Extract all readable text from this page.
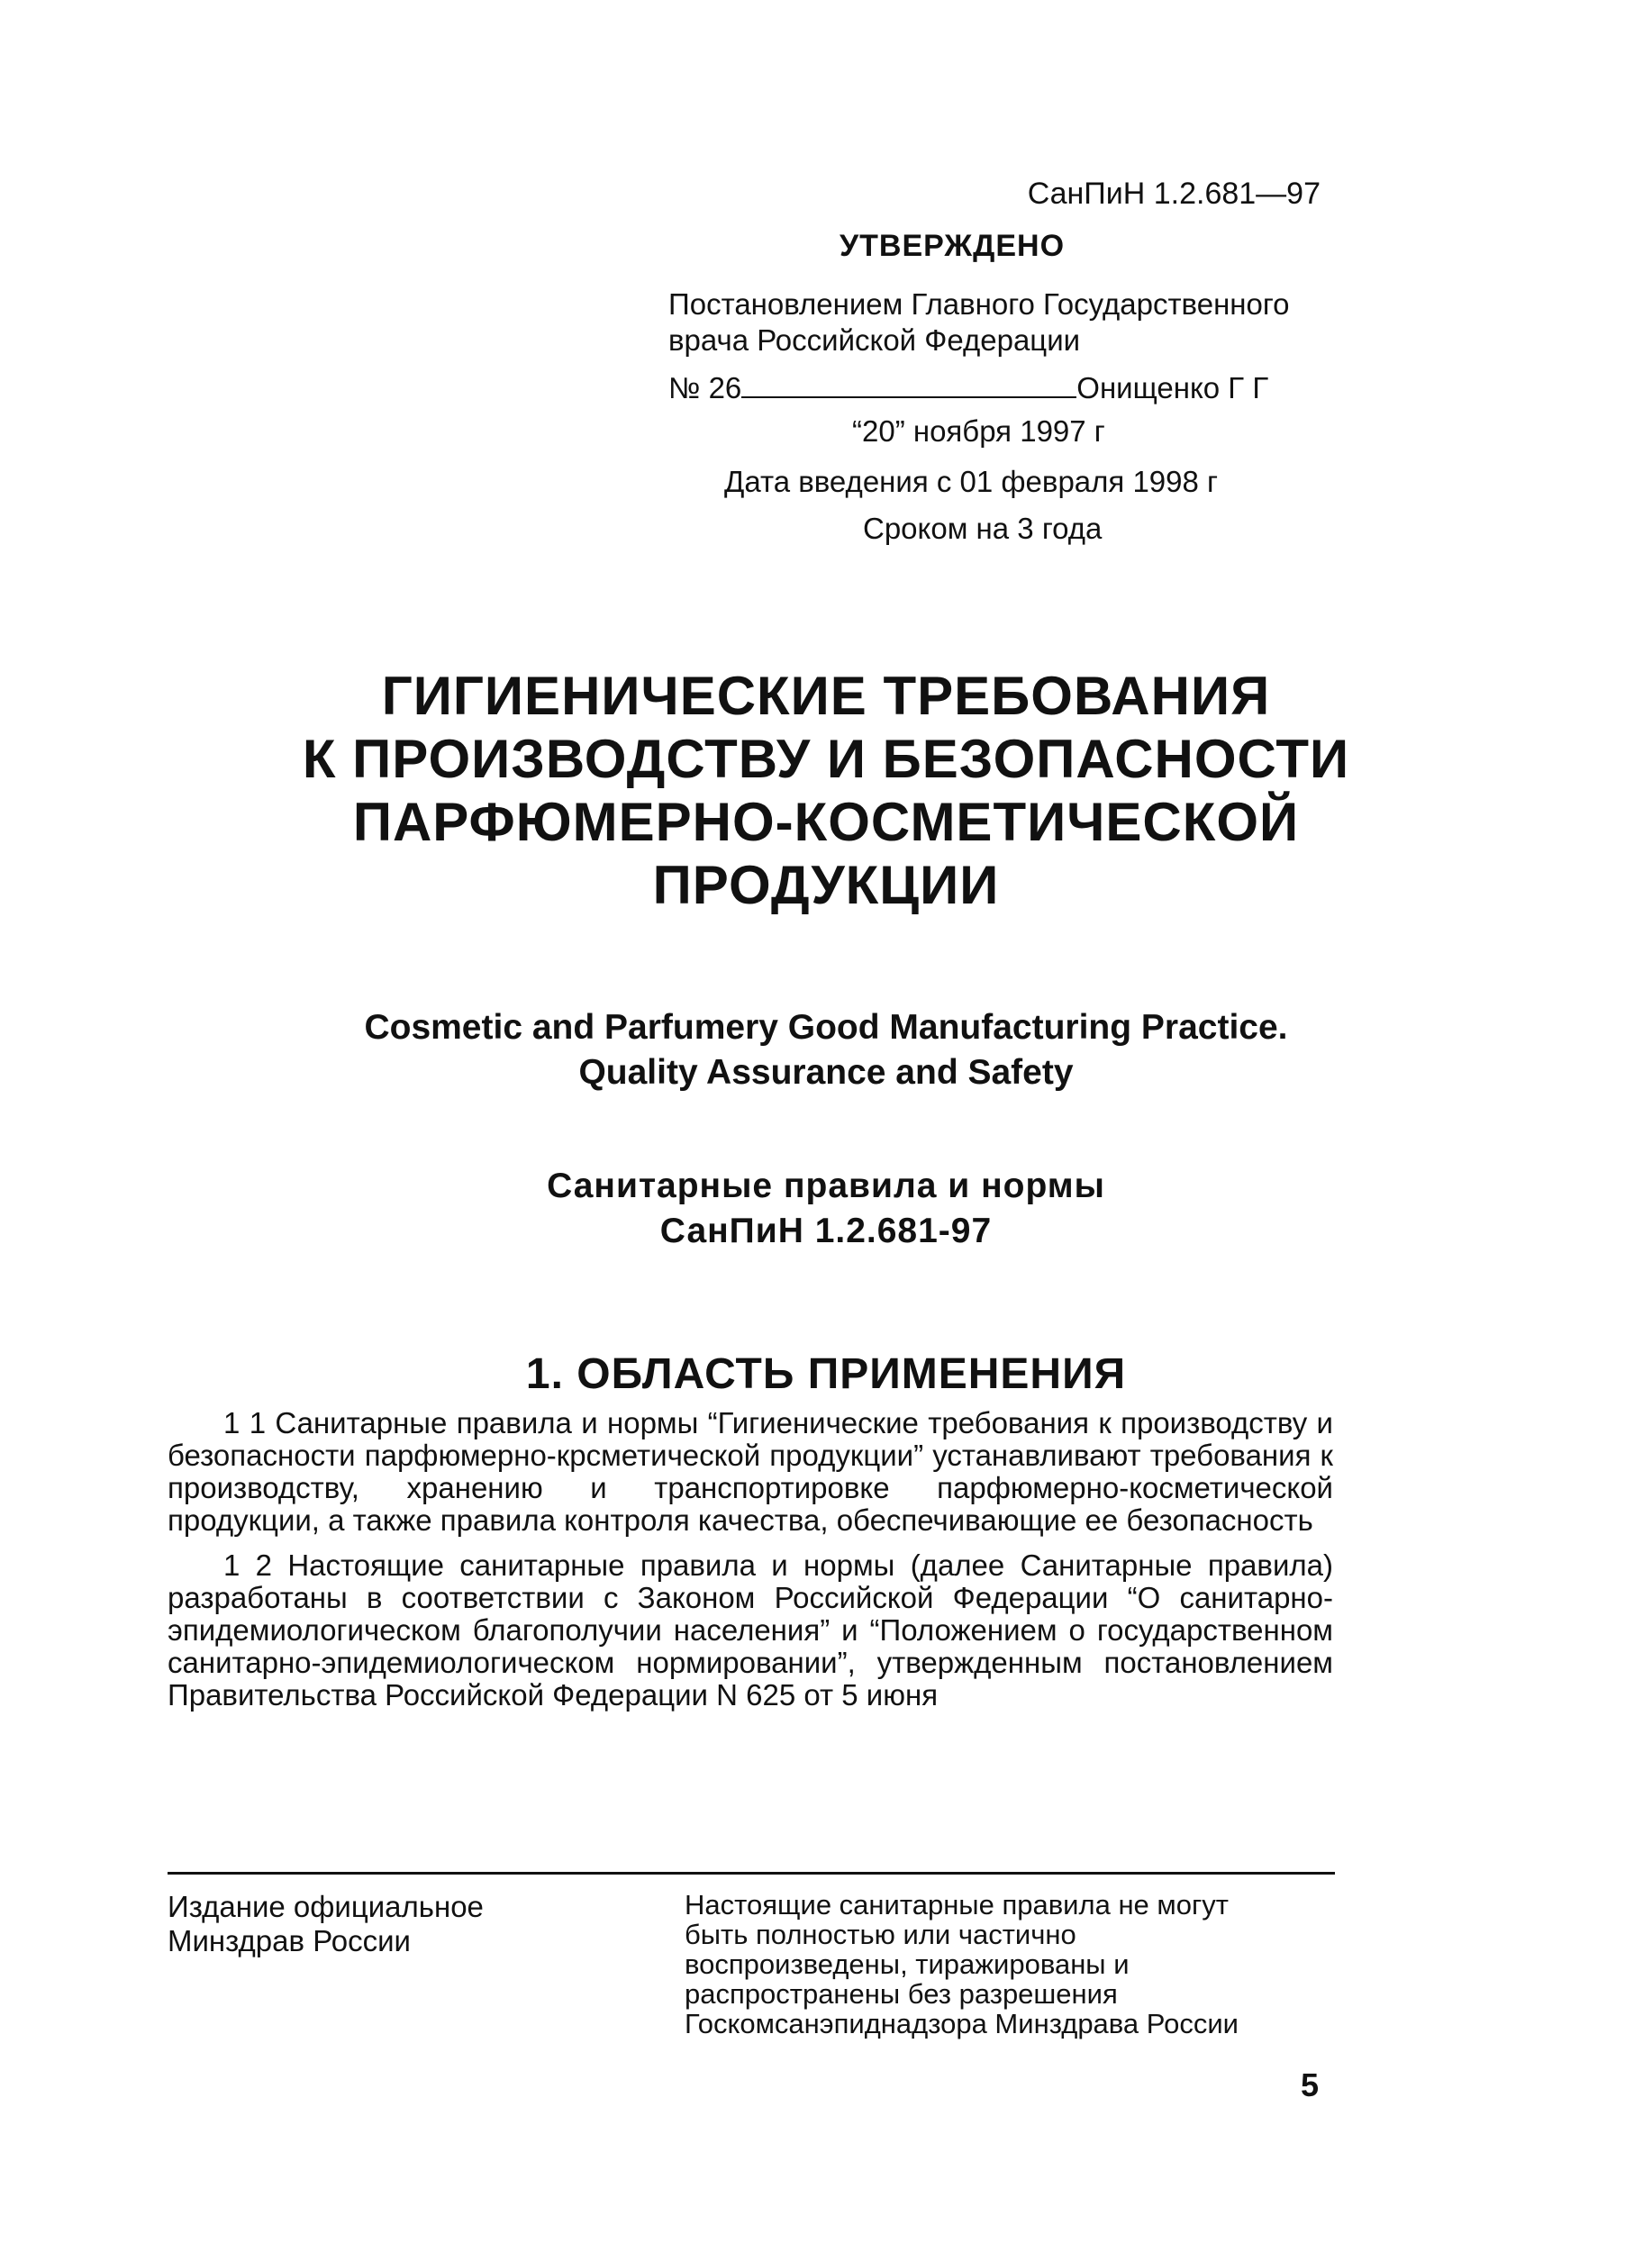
СанПиН 1.2.681—97
УТВЕРЖДЕНО
Постановлением Главного Государственного
врача Российской Федерации
№ 26	Онищенко Г Г
“20” ноября 1997 г
Дата введения с 01 февраля 1998 г
Сроком на 3 года
ГИГИЕНИЧЕСКИЕ ТРЕБОВАНИЯ
К ПРОИЗВОДСТВУ И БЕЗОПАСНОСТИ
ПАРФЮМЕРНО-КОСМЕТИЧЕСКОЙ
ПРОДУКЦИИ
Cosmetic and Parfumery Good Manufacturing Practice.
Quality Assurance and Safety
Санитарные правила и нормы
СанПиН 1.2.681-97
1. ОБЛАСТЬ ПРИМЕНЕНИЯ

1 1 Санитарные правила и нормы “Гигиенические требования к производству и безопасности парфюмерно-крсметической продукции” устанавливают требования к производству, хранению и транспортировке парфюмерно-косметической продукции, а также правила контроля качества, обеспечивающие ее безопасность

1 2 Настоящие санитарные правила и нормы (далее Санитарные правила) разработаны в соответствии с Законом Российской Федерации “О санитарно- эпидемиологическом благополучии населения” и “Положением о государственном санитарно-эпидемиологическом нормировании”, утвержденным постановлением Правительства Российской Федерации N 625 от 5 июня

Издание официальное
Минздрав России
Настоящие санитарные правила не могут
быть полностью или частично
воспроизведены, тиражированы и
распространены без разрешения
Госкомсанэпиднадзора Минздрава России
5
